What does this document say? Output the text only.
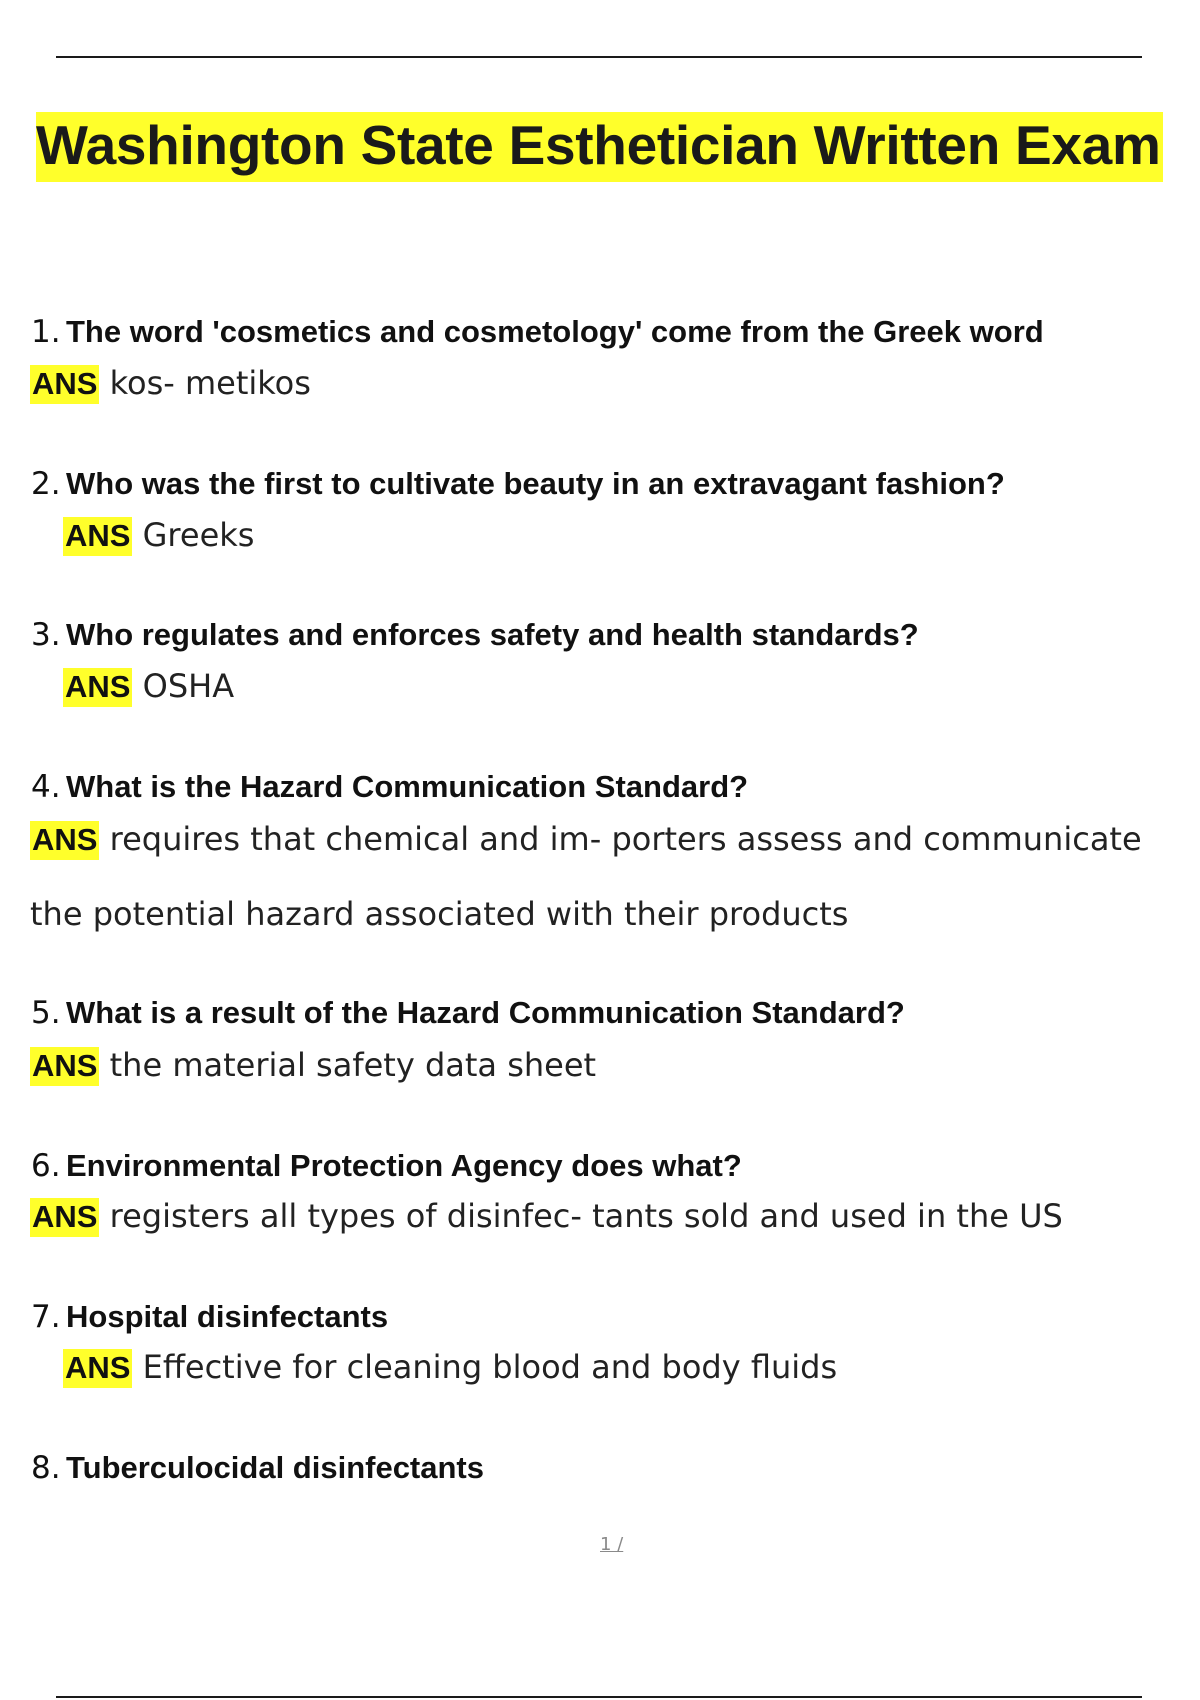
Washington State Esthetician Written Exam
1. The word 'cosmetics and cosmetology' come from the Greek word
ANS kos- metikos
2. Who was the first to cultivate beauty in an extravagant fashion?
ANS Greeks
3. Who regulates and enforces safety and health standards?
ANS OSHA
4. What is the Hazard Communication Standard?
ANS requires that chemical and im- porters assess and communicate
the potential hazard associated with their products
5. What is a result of the Hazard Communication Standard?
ANS the material safety data sheet
6. Environmental Protection Agency does what?
ANS registers all types of disinfec- tants sold and used in the US
7. Hospital disinfectants
ANS Effective for cleaning blood and body fluids
8. Tuberculocidal disinfectants
1 /
